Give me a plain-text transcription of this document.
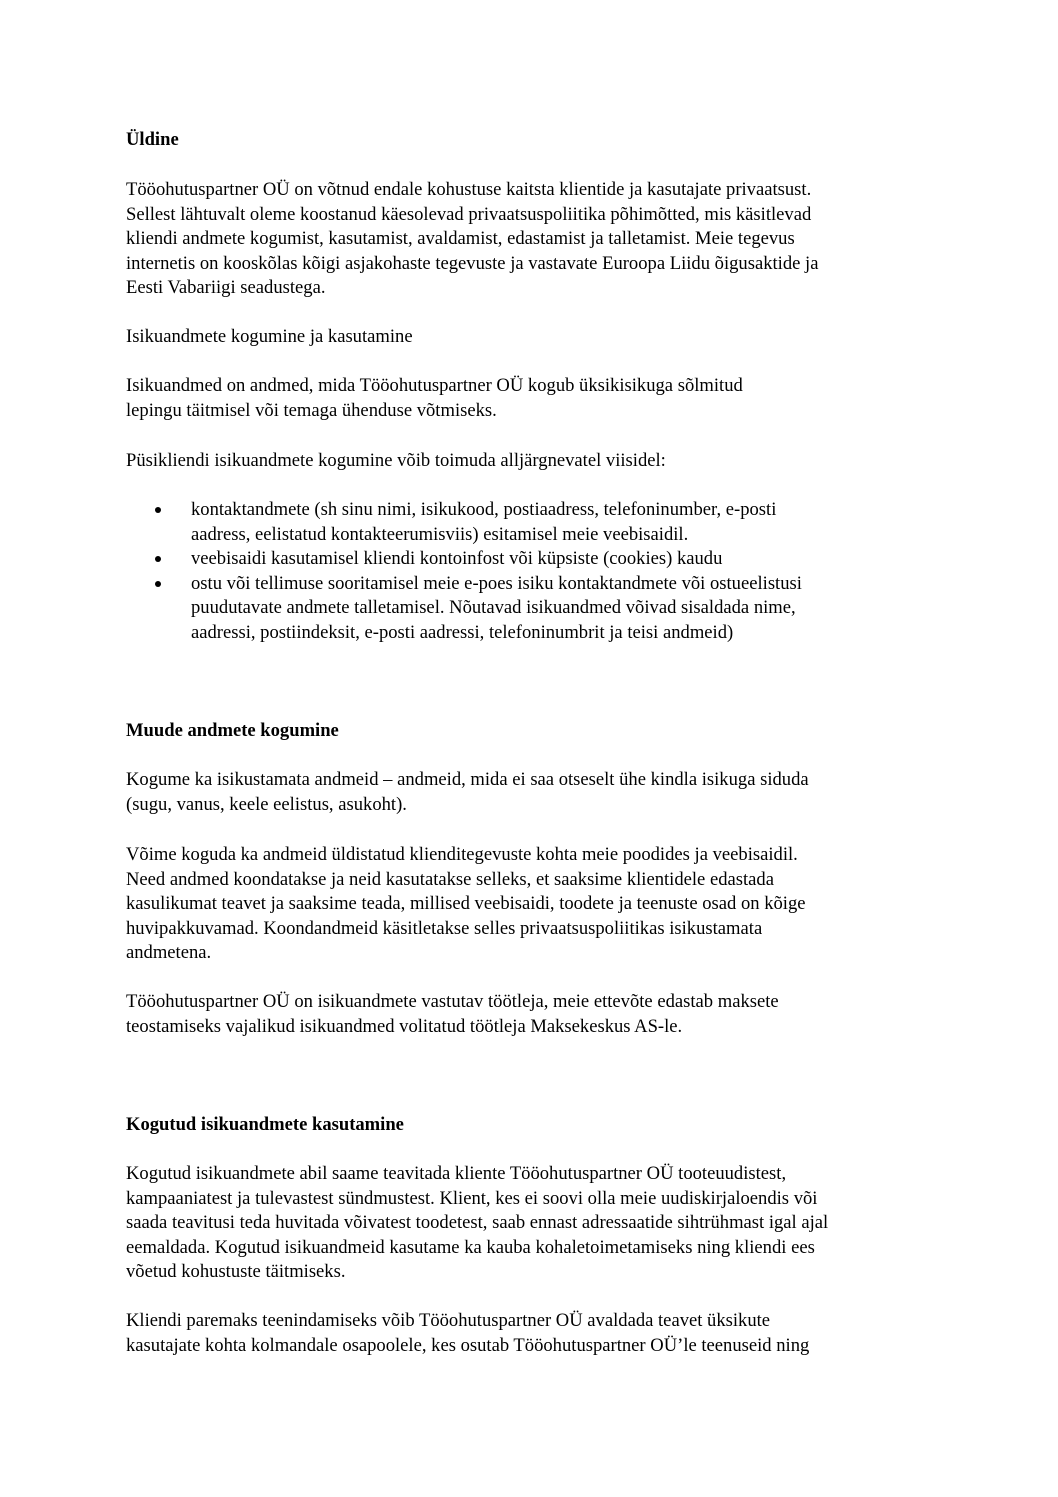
Üldine
Tööohutuspartner OÜ on võtnud endale kohustuse kaitsta klientide ja kasutajate privaatsust.
Sellest lähtuvalt oleme koostanud käesolevad privaatsuspoliitika põhimõtted, mis käsitlevad
kliendi andmete kogumist, kasutamist, avaldamist, edastamist ja talletamist. Meie tegevus
internetis on kooskõlas kõigi asjakohaste tegevuste ja vastavate Euroopa Liidu õigusaktide ja
Eesti Vabariigi seadustega.
Isikuandmete kogumine ja kasutamine
Isikuandmed on andmed, mida Tööohutuspartner OÜ kogub üksikisikuga sõlmitud
lepingu täitmisel või temaga ühenduse võtmiseks.
Püsikliendi isikuandmete kogumine võib toimuda alljärgnevatel viisidel:
kontaktandmete (sh sinu nimi, isikukood, postiaadress, telefoninumber, e-posti
aadress, eelistatud kontakteerumisviis) esitamisel meie veebisaidil.
veebisaidi kasutamisel kliendi kontoinfost või küpsiste (cookies) kaudu
ostu või tellimuse sooritamisel meie e-poes isiku kontaktandmete või ostueelistusi
puudutavate andmete talletamisel. Nõutavad isikuandmed võivad sisaldada nime,
aadressi, postiindeksit, e-posti aadressi, telefoninumbrit ja teisi andmeid)
Muude andmete kogumine
Kogume ka isikustamata andmeid – andmeid, mida ei saa otseselt ühe kindla isikuga siduda
(sugu, vanus, keele eelistus, asukoht).
Võime koguda ka andmeid üldistatud klienditegevuste kohta meie poodides ja veebisaidil.
Need andmed koondatakse ja neid kasutatakse selleks, et saaksime klientidele edastada
kasulikumat teavet ja saaksime teada, millised veebisaidi, toodete ja teenuste osad on kõige
huvipakkuvamad. Koondandmeid käsitletakse selles privaatsuspoliitikas isikustamata
andmetena.
Tööohutuspartner OÜ on isikuandmete vastutav töötleja, meie ettevõte edastab maksete
teostamiseks vajalikud isikuandmed volitatud töötleja Maksekeskus AS-le.
Kogutud isikuandmete kasutamine
Kogutud isikuandmete abil saame teavitada kliente Tööohutuspartner OÜ tooteuudistest,
kampaaniatest ja tulevastest sündmustest. Klient, kes ei soovi olla meie uudiskirjaloendis või
saada teavitusi teda huvitada võivatest toodetest, saab ennast adressaatide sihtrühmast igal ajal
eemaldada. Kogutud isikuandmeid kasutame ka kauba kohaletoimetamiseks ning kliendi ees
võetud kohustuste täitmiseks.
Kliendi paremaks teenindamiseks võib Tööohutuspartner OÜ avaldada teavet üksikute
kasutajate kohta kolmandale osapoolele, kes osutab Tööohutuspartner OÜ’le teenuseid ning
